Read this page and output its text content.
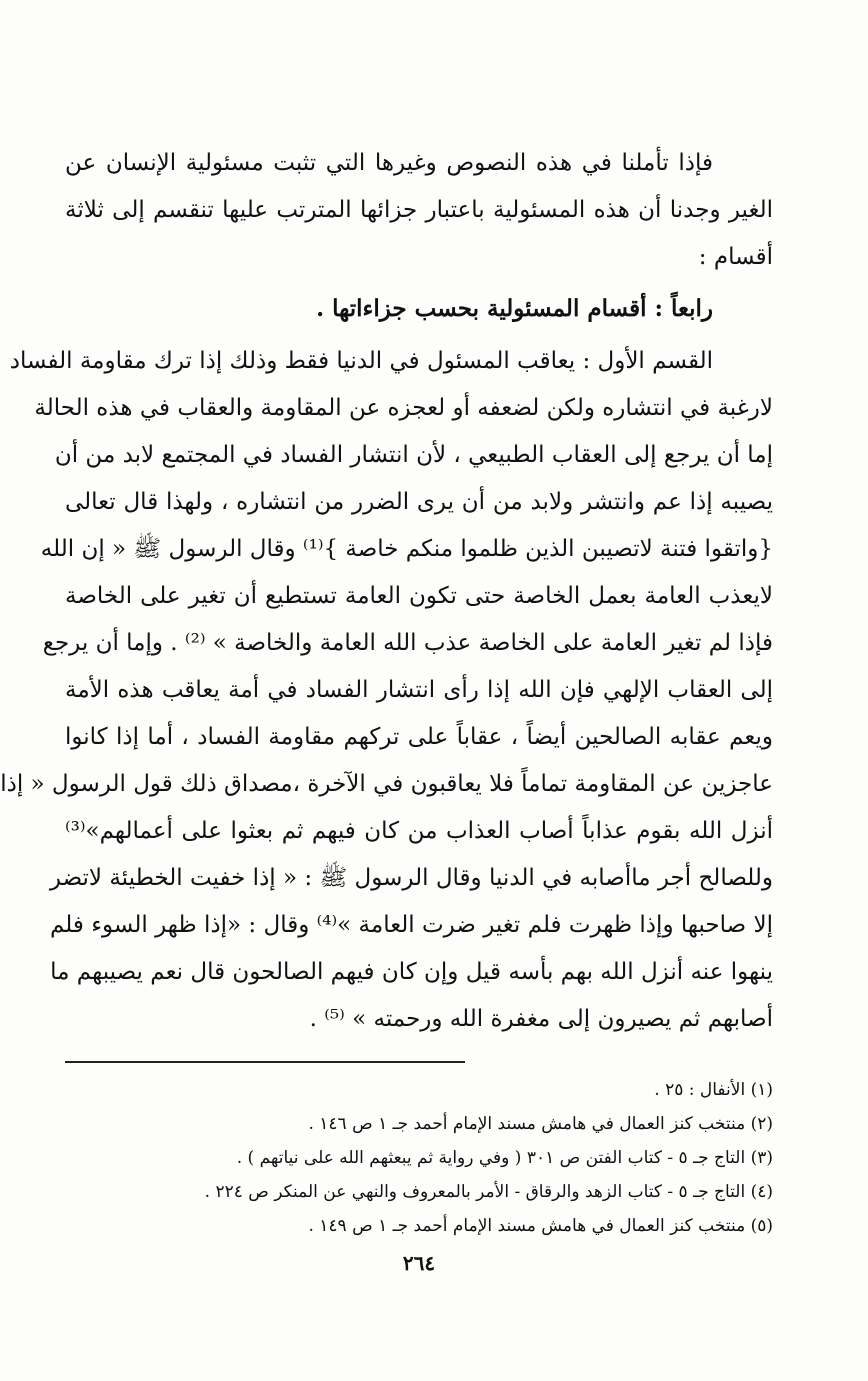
فإذا تأملنا في هذه النصوص وغيرها التي تثبت مسئولية الإنسان عن
الغير وجدنا أن هذه المسئولية باعتبار جزائها المترتب عليها تنقسم إلى ثلاثة
أقسام :
رابعاً : أقسام المسئولية بحسب جزاءاتها .
القسم الأول : يعاقب المسئول في الدنيا فقط وذلك إذا ترك مقاومة الفساد
لارغبة في انتشاره ولكن لضعفه أو لعجزه عن المقاومة والعقاب في هذه الحالة
إما أن يرجع إلى العقاب الطبيعي ، لأن انتشار الفساد في المجتمع لابد من أن
يصيبه إذا عم وانتشر ولابد من أن يرى الضرر من انتشاره ، ولهذا قال تعالى
{واتقوا فتنة لاتصيبن الذين ظلموا منكم خاصة }⁽¹⁾ وقال الرسول ﷺ « إن الله
لايعذب العامة بعمل الخاصة حتى تكون العامة تستطيع أن تغير على الخاصة
فإذا لم تغير العامة على الخاصة عذب الله العامة والخاصة » ⁽²⁾ . وإما أن يرجع
إلى العقاب الإلهي فإن الله إذا رأى انتشار الفساد في أمة يعاقب هذه الأمة
ويعم عقابه الصالحين أيضاً ، عقاباً على تركهم مقاومة الفساد ، أما إذا كانوا
عاجزين عن المقاومة تماماً فلا يعاقبون في الآخرة ،مصداق ذلك قول الرسول « إذا
أنزل الله بقوم عذاباً أصاب العذاب من كان فيهم ثم بعثوا على أعمالهم»⁽³⁾
وللصالح أجر ماأصابه في الدنيا وقال الرسول ﷺ : « إذا خفيت الخطيئة لاتضر
إلا صاحبها وإذا ظهرت فلم تغير ضرت العامة »⁽⁴⁾ وقال : «إذا ظهر السوء فلم
ينهوا عنه أنزل الله بهم بأسه قيل وإن كان فيهم الصالحون قال نعم يصيبهم ما
أصابهم ثم يصيرون إلى مغفرة الله ورحمته » ⁽⁵⁾ .
(١) الأنفال : ٢٥ .
(٢) منتخب كنز العمال في هامش مسند الإمام أحمد جـ ١ ص ١٤٦ .
(٣) التاج جـ ٥ - كتاب الفتن ص ٣٠١ ( وفي رواية ثم يبعثهم الله على نياتهم ) .
(٤) التاج جـ ٥ - كتاب الزهد والرقاق - الأمر بالمعروف والنهي عن المنكر ص ٢٢٤ .
(٥) منتخب كنز العمال في هامش مسند الإمام أحمد جـ ١ ص ١٤٩ .
٢٦٤
